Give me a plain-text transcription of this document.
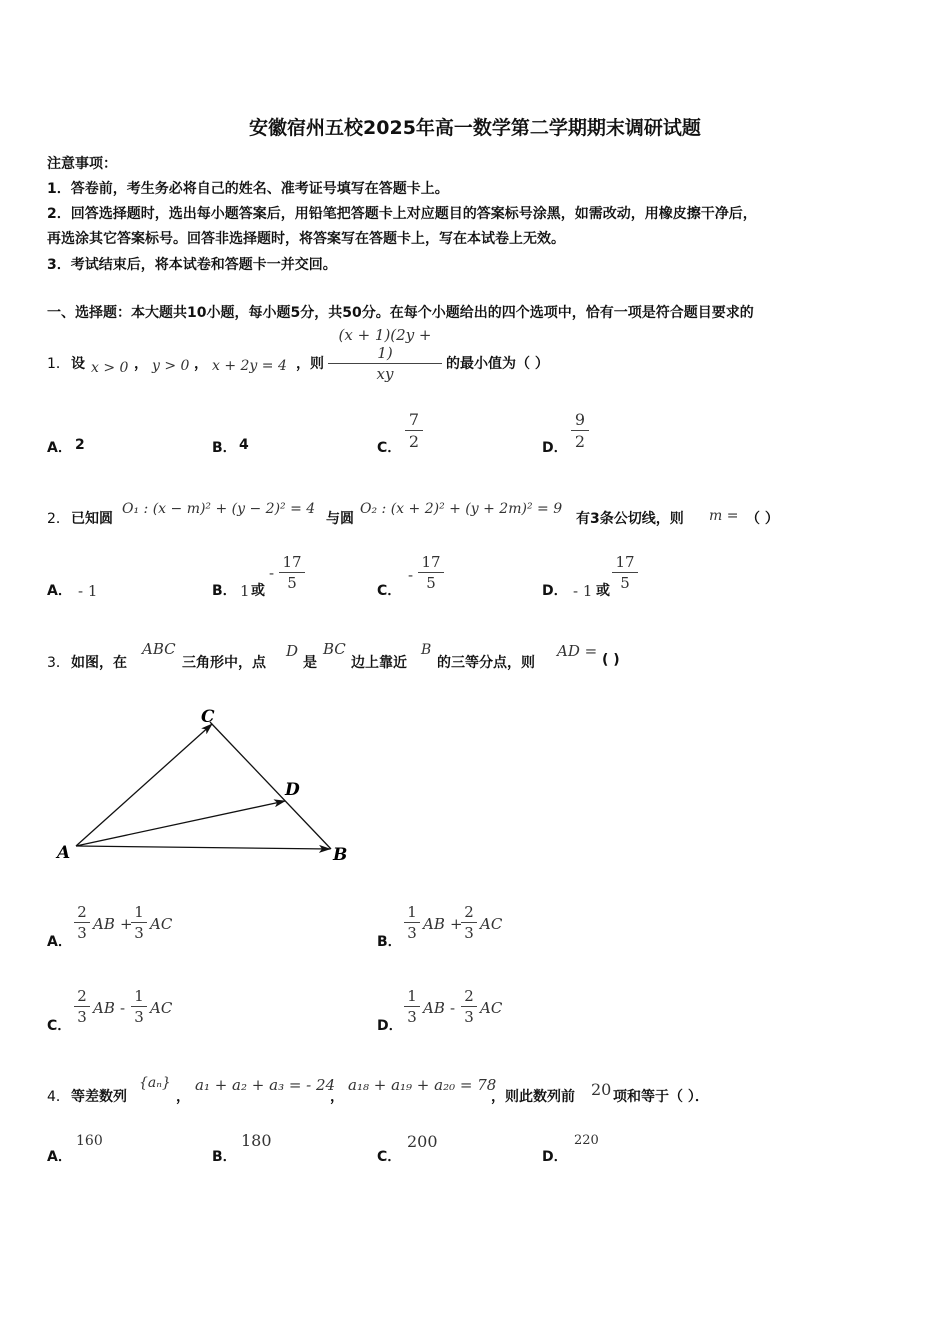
安徽宿州五校2025年高一数学第二学期期末调研试题
注意事项：
1．答卷前，考生务必将自己的姓名、准考证号填写在答题卡上。
2．回答选择题时，选出每小题答案后，用铅笔把答题卡上对应题目的答案标号涂黑，如需改动，用橡皮擦干净后，
再选涂其它答案标号。回答非选择题时，将答案写在答题卡上，写在本试卷上无效。
3．考试结束后，将本试卷和答题卡一并交回。
一、选择题：本大题共10小题，每小题5分，共50分。在每个小题给出的四个选项中，恰有一项是符合题目要求的
1． 设 x > 0 ， y > 0 ， x + 2y = 4 ，则
(x + 1)(2y + 1)
xy
的最小值为（ ）
A． 2	B． 4	C．
7
2	D．
9
2
2． 已知圆
O₁ : (x − m)² + (y − 2)² = 4
与圆
O₂ : (x + 2)² + (y + 2m)² = 9
有3条公切线，则 m = （ ）
A． - 1	B． 1 或
-
17
5	C．
-
17
5	D． - 1 或
17
5
3． 如图，在
ABC
三角形中，点
D
是
BC
边上靠近
B
的三等分点，则
AD = ( )
A	B
C
D
A．
2
3 AB +
1
3 AC
B．
1
3 AB +
2
3 AC
C．
2
3 AB -
1
3 AC
D．
1
3 AB -
2
3 AC
4． 等差数列
{aₙ}
，
a₁ + a₂ + a₃ = - 24
，
a₁₈ + a₁₉ + a₂₀ = 78
，则此数列前 20 项和等于（ ）．
A．
160
B．
180
C．
200
D．
220
